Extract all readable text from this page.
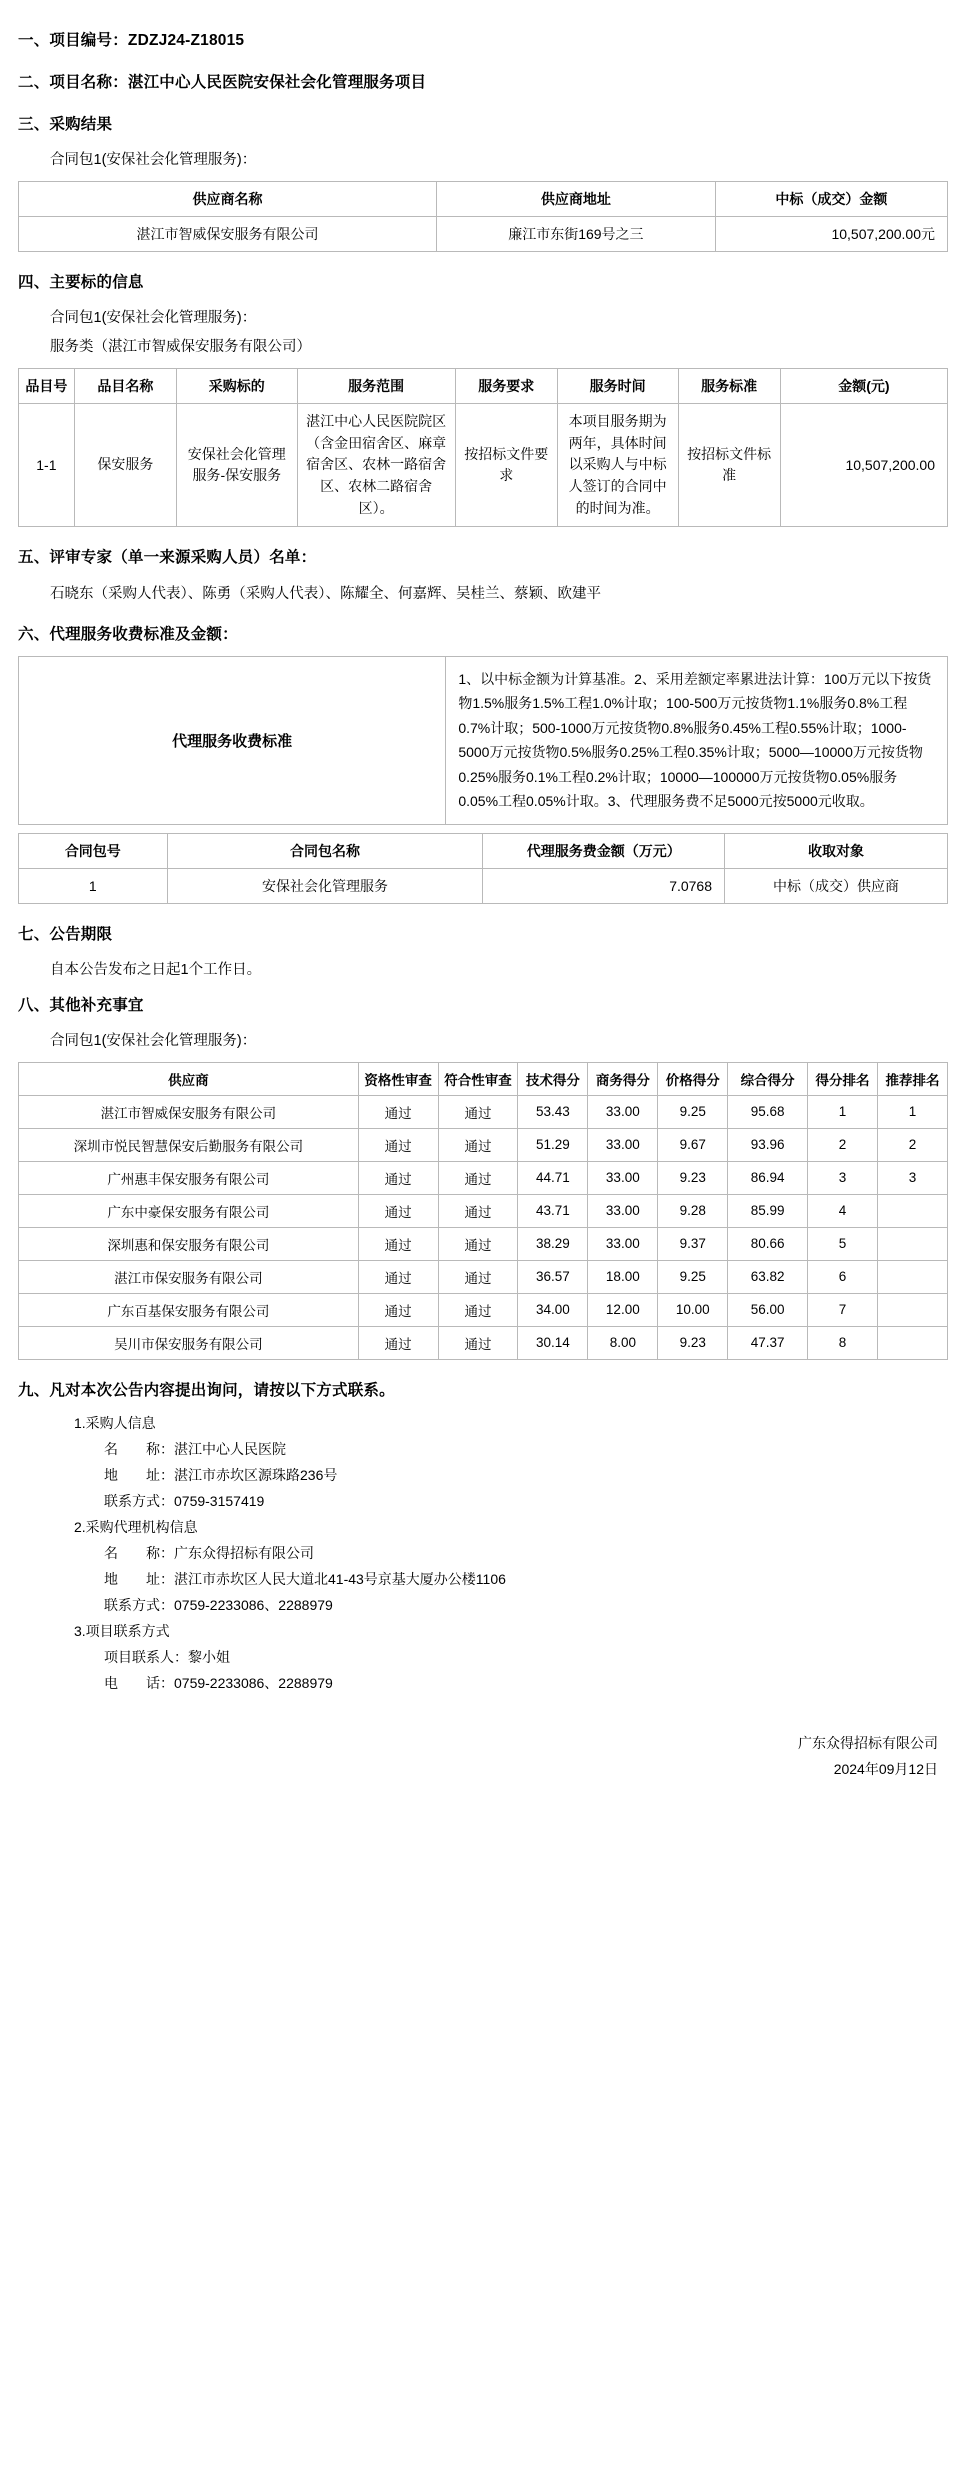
一、项目编号：ZDZJ24-Z18015
二、项目名称：湛江中心人民医院安保社会化管理服务项目
三、采购结果
合同包1(安保社会化管理服务)：
供应商名称	供应商地址	中标（成交）金额
湛江市智威保安服务有限公司	廉江市东街169号之三	10,507,200.00元
四、主要标的信息
合同包1(安保社会化管理服务)：
服务类（湛江市智威保安服务有限公司）
品目号	品目名称	采购标的	服务范围	服务要求	服务时间	服务标准	金额(元)
1-1	保安服务	安保社会化管理服务-保安服务	湛江中心人民医院院区（含金田宿舍区、麻章宿舍区、农林一路宿舍区、农林二路宿舍区）。	按招标文件要求	本项目服务期为两年，具体时间以采购人与中标人签订的合同中的时间为准。	按招标文件标准	10,507,200.00
五、评审专家（单一来源采购人员）名单：
石晓东（采购人代表）、陈勇（采购人代表）、陈耀全、何嘉辉、吴桂兰、蔡颖、欧建平
六、代理服务收费标准及金额：
代理服务收费标准	1、以中标金额为计算基准。2、采用差额定率累进法计算：100万元以下按货物1.5%服务1.5%工程1.0%计取；100-500万元按货物1.1%服务0.8%工程0.7%计取；500-1000万元按货物0.8%服务0.45%工程0.55%计取；1000-5000万元按货物0.5%服务0.25%工程0.35%计取；5000—10000万元按货物0.25%服务0.1%工程0.2%计取；10000—100000万元按货物0.05%服务0.05%工程0.05%计取。3、代理服务费不足5000元按5000元收取。
合同包号	合同包名称	代理服务费金额（万元）	收取对象
1	安保社会化管理服务	7.0768	中标（成交）供应商
七、公告期限
自本公告发布之日起1个工作日。
八、其他补充事宜
合同包1(安保社会化管理服务)：
供应商	资格性审查	符合性审查	技术得分	商务得分	价格得分	综合得分	得分排名	推荐排名
湛江市智威保安服务有限公司	通过	通过	53.43	33.00	9.25	95.68	1	1
深圳市悦民智慧保安后勤服务有限公司	通过	通过	51.29	33.00	9.67	93.96	2	2
广州惠丰保安服务有限公司	通过	通过	44.71	33.00	9.23	86.94	3	3
广东中豪保安服务有限公司	通过	通过	43.71	33.00	9.28	85.99	4	
深圳惠和保安服务有限公司	通过	通过	38.29	33.00	9.37	80.66	5	
湛江市保安服务有限公司	通过	通过	36.57	18.00	9.25	63.82	6	
广东百基保安服务有限公司	通过	通过	34.00	12.00	10.00	56.00	7	
吴川市保安服务有限公司	通过	通过	30.14	8.00	9.23	47.37	8	
九、凡对本次公告内容提出询问，请按以下方式联系。
1.采购人信息
名　　称：湛江中心人民医院
地　　址：湛江市赤坎区源珠路236号
联系方式：0759-3157419
2.采购代理机构信息
名　　称：广东众得招标有限公司
地　　址：湛江市赤坎区人民大道北41-43号京基大厦办公楼1106
联系方式：0759-2233086、2288979
3.项目联系方式
项目联系人：黎小姐
电　　话：0759-2233086、2288979
广东众得招标有限公司
2024年09月12日
